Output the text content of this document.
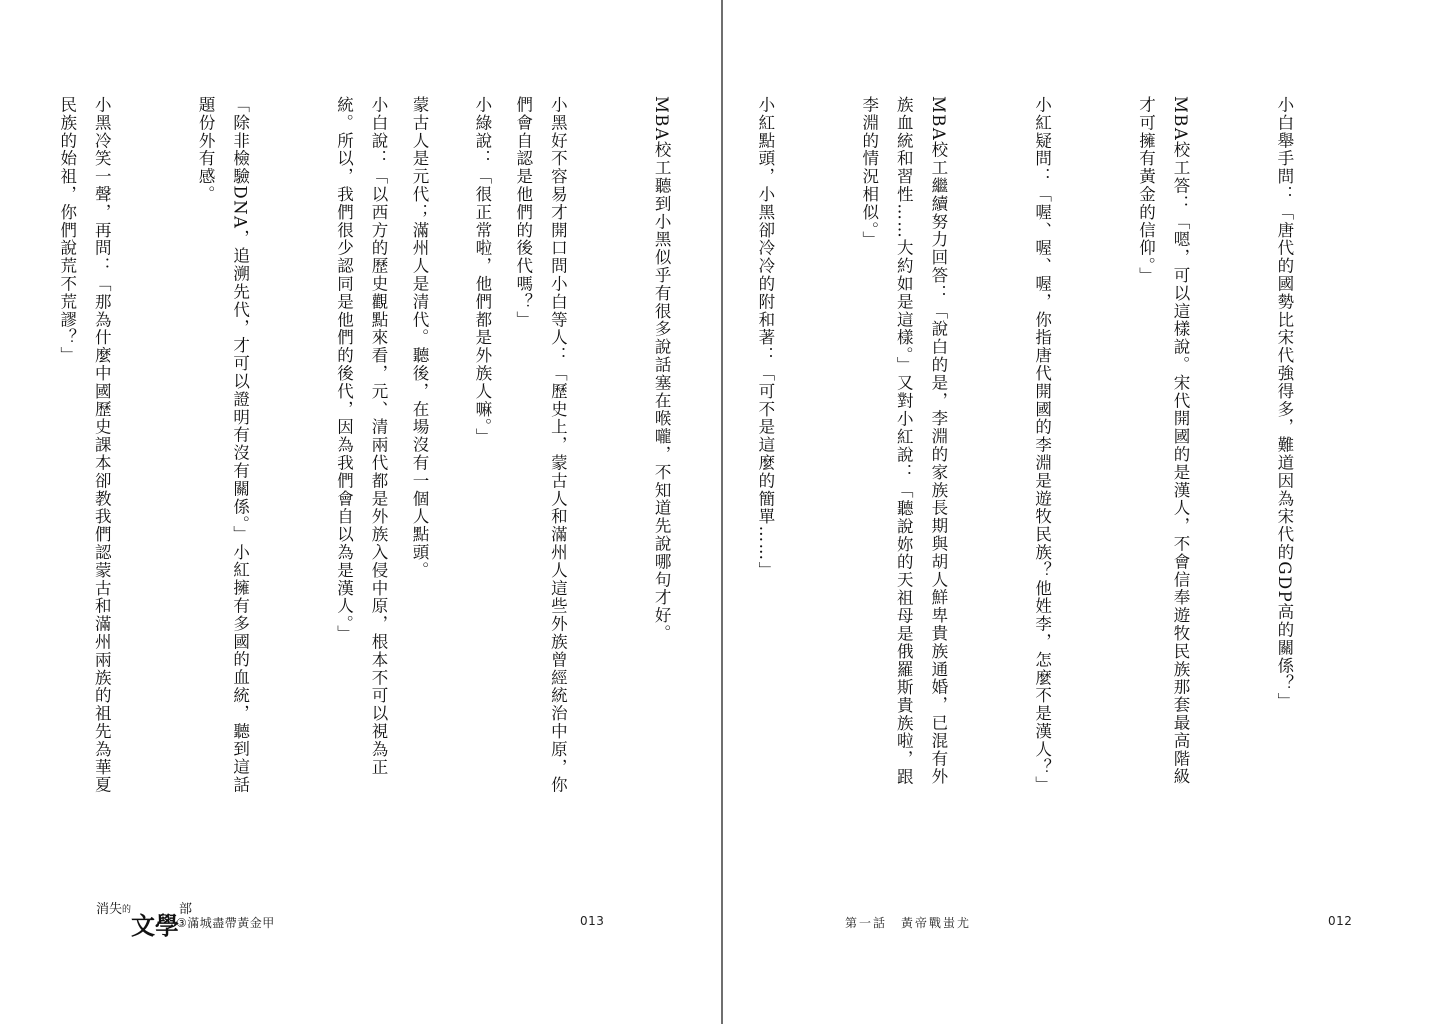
小綠說：「很正常啦，他們都是外族人嘛。」

小白說：「以西方的歷史觀點來看，元、清兩代都是外族入侵中原，根本不可以視為正統。所以，我們很少認同是他們的後代，因為我們會自以為是漢人。」

「除非檢驗DNA，追溯先代，才可以證明有沒有關係。」小紅擁有多國的血統，聽到這話題份外有感。

小黑冷笑一聲，再問：「那為什麼中國歷史課本卻教我們認蒙古和滿州兩族的祖先為華夏民族的始祖，你們說荒不荒謬？」

消失 的
文學
部
③滿城盡帶黃金甲	013

小白舉手問：「唐代的國勢比宋代強得多，難道因為宋代的GDP高的關係？」

MBA校工答：「嗯，可以這樣說。宋代開國的是漢人，不會信奉遊牧民族那套最高階級才可擁有黃金的信仰。」

小紅疑問：「喔、喔、喔，你指唐代開國的李淵是遊牧民族？他姓李，怎麼不是漢人？」

MBA校工繼續努力回答：「說白的是，李淵的家族長期與胡人鮮卑貴族通婚，已混有外族血統和習性……大約如是這樣。」又對小紅說：「聽說妳的天祖母是俄羅斯貴族啦，跟李淵的情況相似。」

小紅點頭，小黑卻冷冷的附和著：「可不是這麼的簡單……」

MBA校工聽到小黑似乎有很多說話塞在喉嚨，不知道先說哪句才好。

小黑好不容易才開口問小白等人：「歷史上，蒙古人和滿州人這些外族曾經統治中原，你們會自認是他們的後代嗎？」

蒙古人是元代；滿州人是清代。聽後，在場沒有一個人點頭。

第一話　黃帝戰蚩尤	012
